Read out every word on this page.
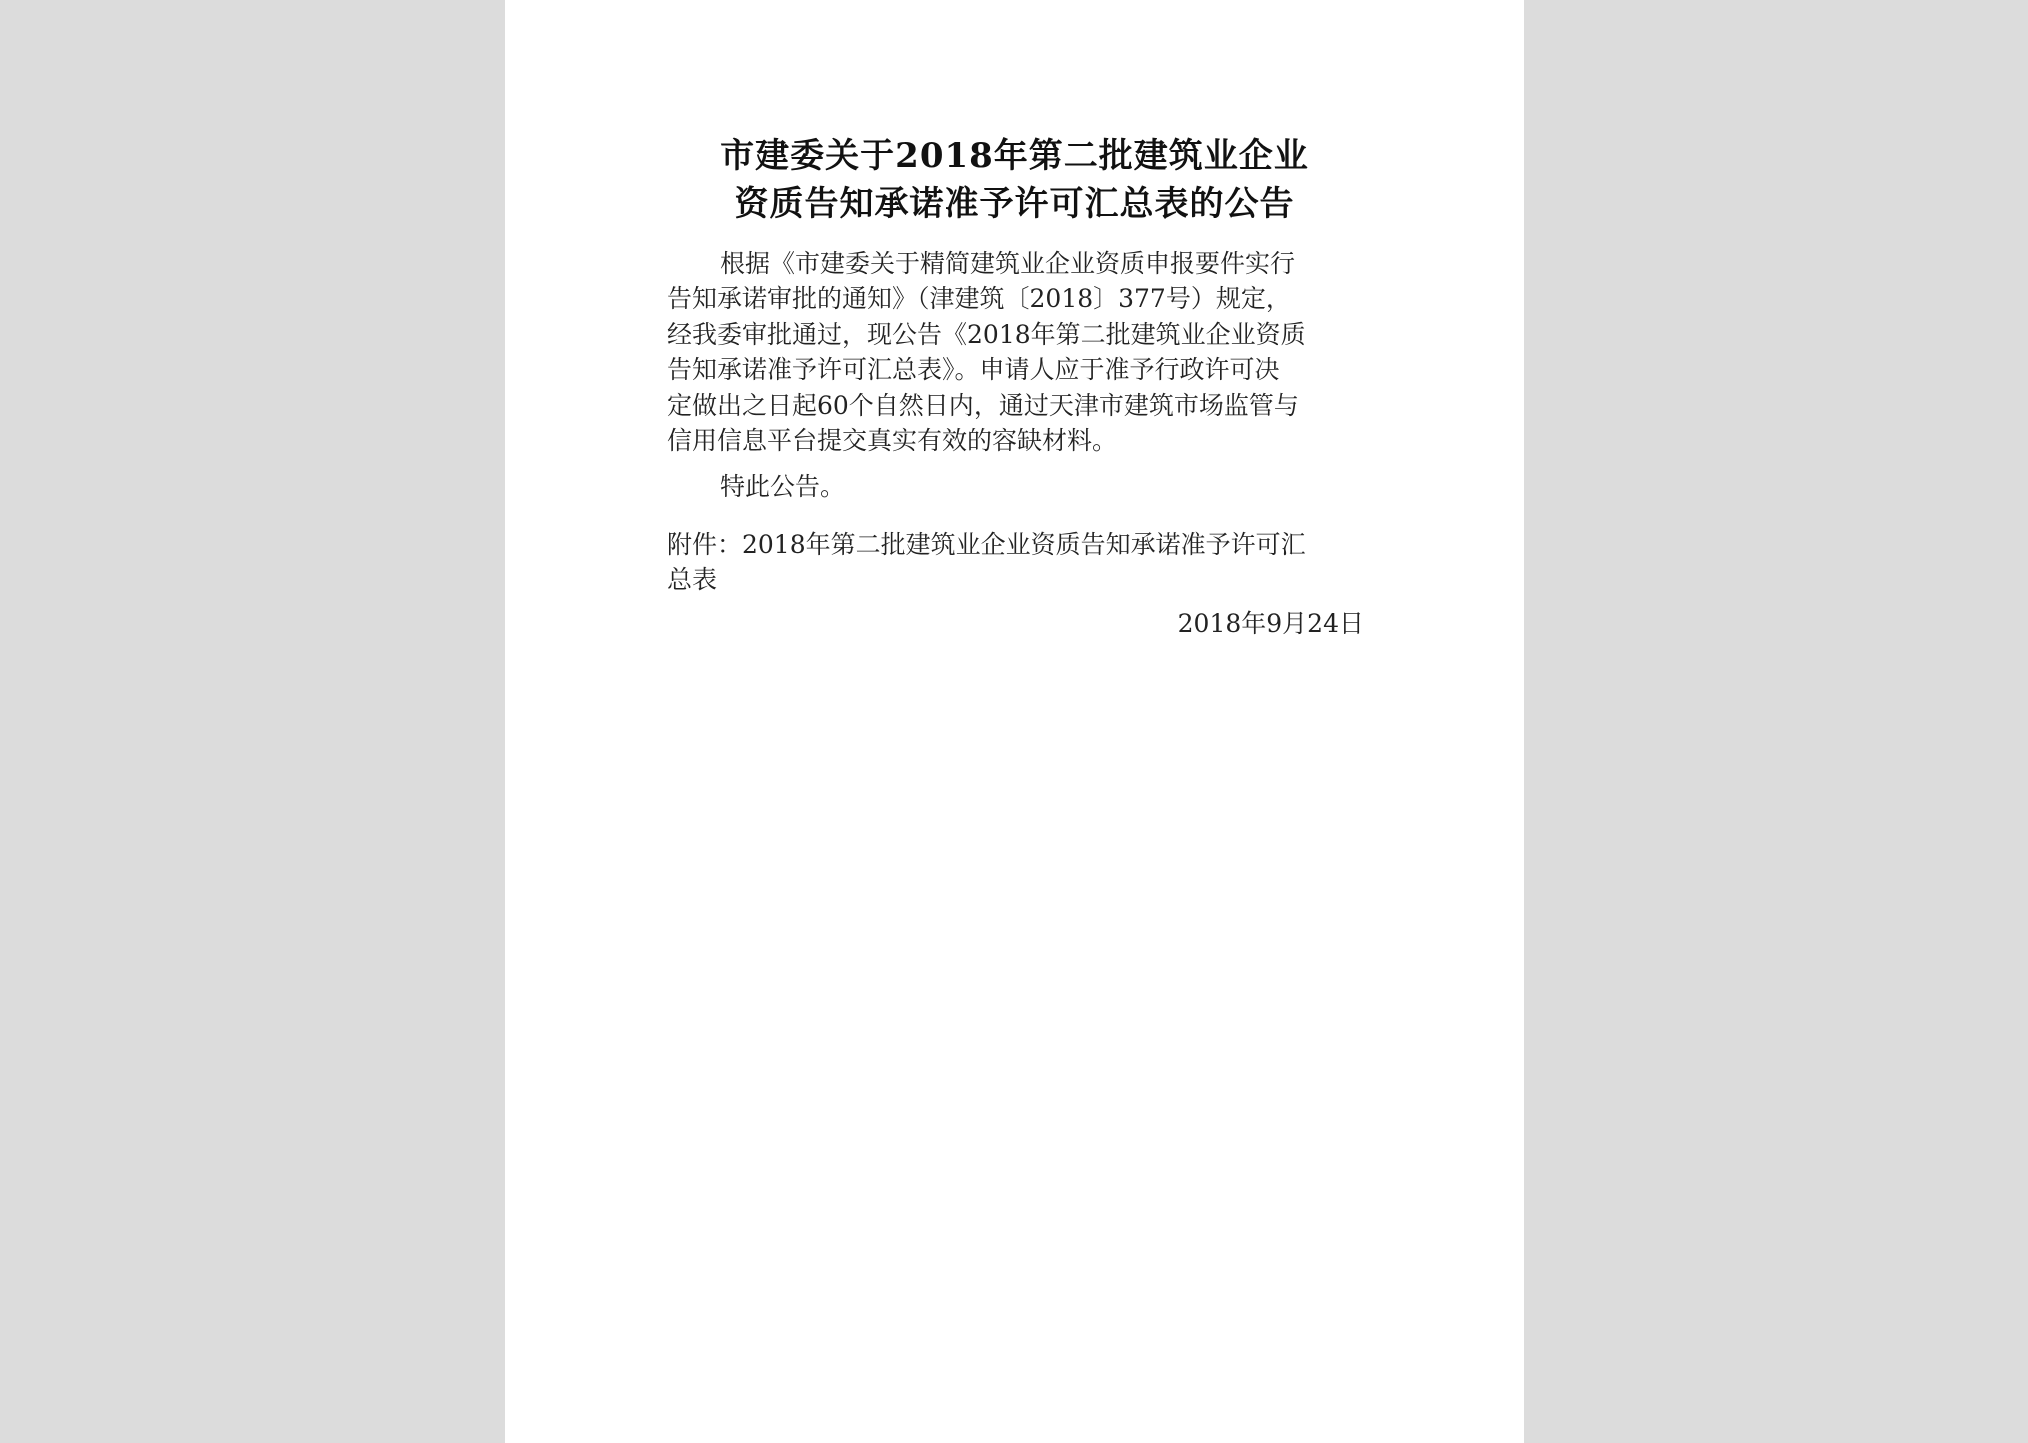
市建委关于2018年第二批建筑业企业
资质告知承诺准予许可汇总表的公告
根据《市建委关于精简建筑业企业资质申报要件实行
告知承诺审批的通知》（津建筑〔2018〕377号）规定，
经我委审批通过，现公告《2018年第二批建筑业企业资质
告知承诺准予许可汇总表》。申请人应于准予行政许可决
定做出之日起60个自然日内，通过天津市建筑市场监管与
信用信息平台提交真实有效的容缺材料。
特此公告。
附件：2018年第二批建筑业企业资质告知承诺准予许可汇
总表
2018年9月24日
